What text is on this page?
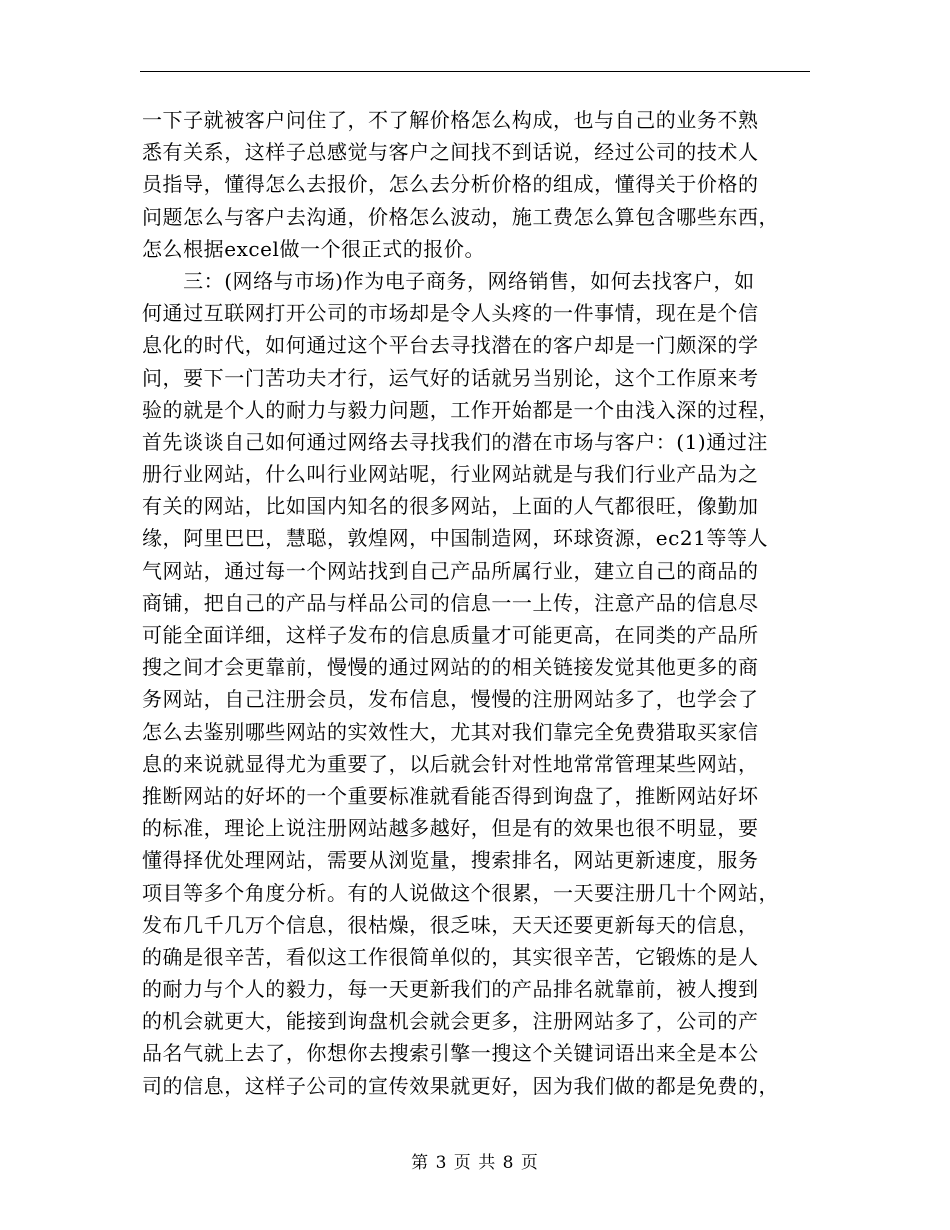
一下子就被客户问住了，不了解价格怎么构成，也与自己的业务不熟
悉有关系，这样子总感觉与客户之间找不到话说，经过公司的技术人
员指导，懂得怎么去报价，怎么去分析价格的组成，懂得关于价格的
问题怎么与客户去沟通，价格怎么波动，施工费怎么算包含哪些东西，
怎么根据excel做一个很正式的报价。
　　三：(网络与市场)作为电子商务，网络销售，如何去找客户，如
何通过互联网打开公司的市场却是令人头疼的一件事情，现在是个信
息化的时代，如何通过这个平台去寻找潜在的客户却是一门颇深的学
问，要下一门苦功夫才行，运气好的话就另当别论，这个工作原来考
验的就是个人的耐力与毅力问题，工作开始都是一个由浅入深的过程，
首先谈谈自己如何通过网络去寻找我们的潜在市场与客户：(1)通过注
册行业网站，什么叫行业网站呢，行业网站就是与我们行业产品为之
有关的网站，比如国内知名的很多网站，上面的人气都很旺，像勤加
缘，阿里巴巴，慧聪，敦煌网，中国制造网，环球资源，ec21等等人
气网站，通过每一个网站找到自己产品所属行业，建立自己的商品的
商铺，把自己的产品与样品公司的信息一一上传，注意产品的信息尽
可能全面详细，这样子发布的信息质量才可能更高，在同类的产品所
搜之间才会更靠前，慢慢的通过网站的的相关链接发觉其他更多的商
务网站，自己注册会员，发布信息，慢慢的注册网站多了，也学会了
怎么去鉴别哪些网站的实效性大，尤其对我们靠完全免费猎取买家信
息的来说就显得尤为重要了，以后就会针对性地常常管理某些网站，
推断网站的好坏的一个重要标准就看能否得到询盘了，推断网站好坏
的标准，理论上说注册网站越多越好，但是有的效果也很不明显，要
懂得择优处理网站，需要从浏览量，搜索排名，网站更新速度，服务
项目等多个角度分析。有的人说做这个很累，一天要注册几十个网站，
发布几千几万个信息，很枯燥，很乏味，天天还要更新每天的信息，
的确是很辛苦，看似这工作很简单似的，其实很辛苦，它锻炼的是人
的耐力与个人的毅力，每一天更新我们的产品排名就靠前，被人搜到
的机会就更大，能接到询盘机会就会更多，注册网站多了，公司的产
品名气就上去了，你想你去搜索引擎一搜这个关键词语出来全是本公
司的信息，这样子公司的宣传效果就更好，因为我们做的都是免费的，
第 3 页 共 8 页
